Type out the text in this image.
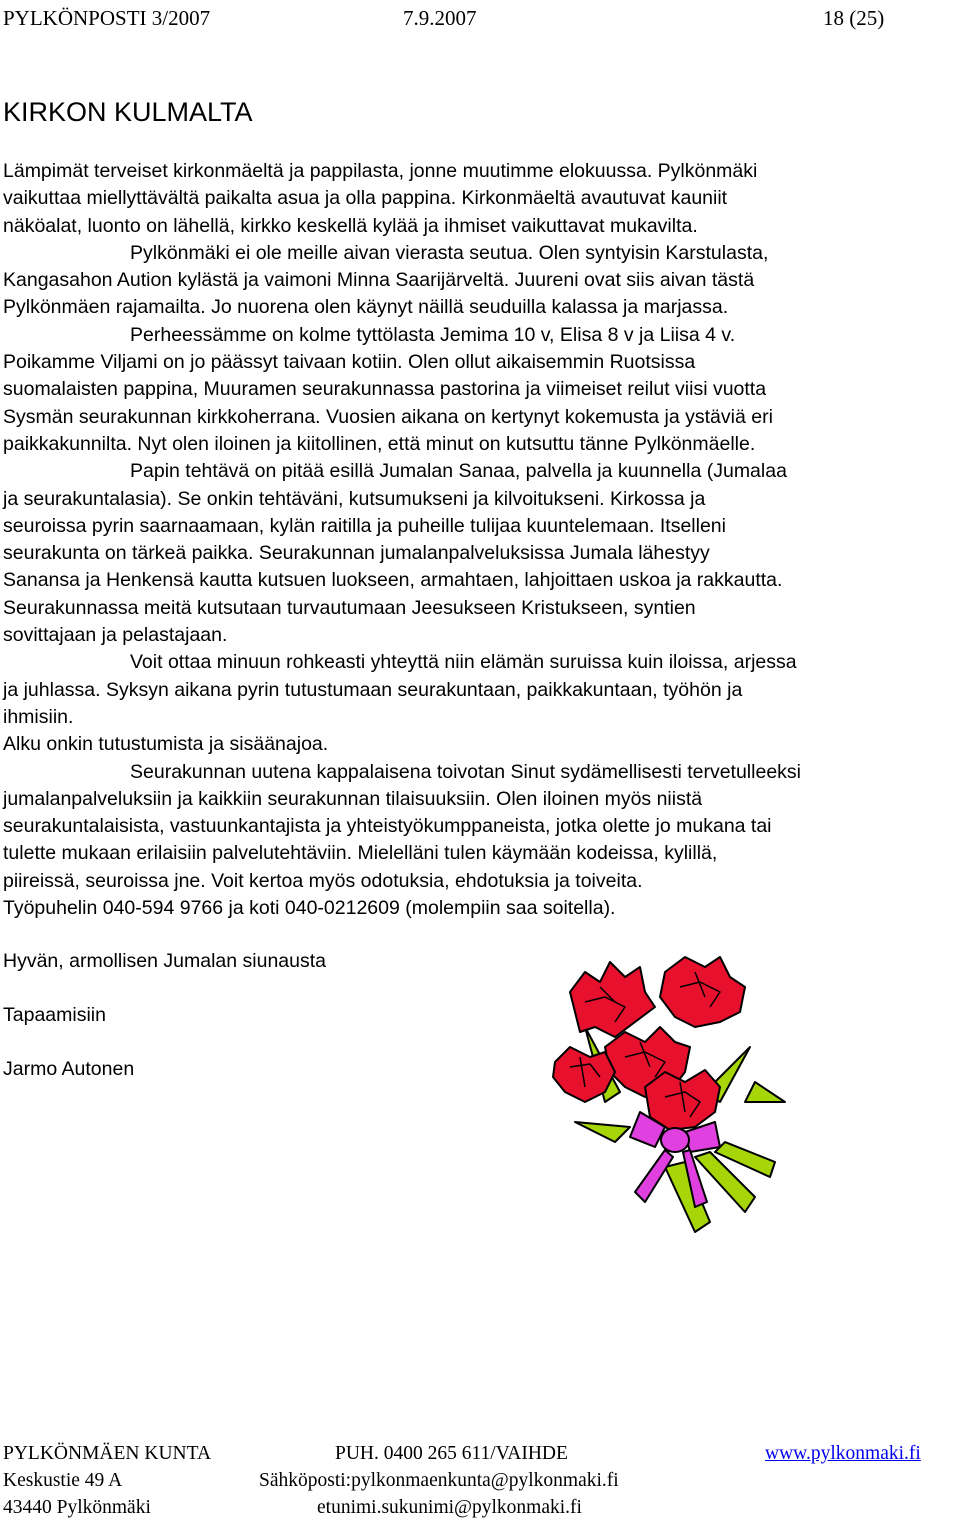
PYLKÖNPOSTI 3/2007	7.9.2007	18 (25)
KIRKON KULMALTA
Lämpimät terveiset kirkonmäeltä ja pappilasta, jonne muutimme elokuussa. Pylkönmäki
vaikuttaa miellyttävältä paikalta asua ja olla pappina. Kirkonmäeltä avautuvat kauniit
näköalat, luonto on lähellä, kirkko keskellä kylää ja ihmiset vaikuttavat mukavilta.
Pylkönmäki ei ole meille aivan vierasta seutua. Olen syntyisin Karstulasta,
Kangasahon Aution kylästä ja vaimoni Minna Saarijärveltä. Juureni ovat siis aivan tästä
Pylkönmäen rajamailta. Jo nuorena olen käynyt näillä seuduilla kalassa ja marjassa.
Perheessämme on kolme tyttölasta Jemima 10 v, Elisa 8 v ja Liisa 4 v.
Poikamme Viljami on jo päässyt taivaan kotiin. Olen ollut aikaisemmin Ruotsissa
suomalaisten pappina, Muuramen seurakunnassa pastorina ja viimeiset reilut viisi vuotta
Sysmän seurakunnan kirkkoherrana. Vuosien aikana on kertynyt kokemusta ja ystäviä eri
paikkakunnilta. Nyt olen iloinen ja kiitollinen, että minut on kutsuttu tänne Pylkönmäelle.
Papin tehtävä on pitää esillä Jumalan Sanaa, palvella ja kuunnella (Jumalaa
ja seurakuntalasia). Se onkin tehtäväni, kutsumukseni ja kilvoitukseni. Kirkossa ja
seuroissa pyrin saarnaamaan, kylän raitilla ja puheille tulijaa kuuntelemaan. Itselleni
seurakunta on tärkeä paikka. Seurakunnan jumalanpalveluksissa Jumala lähestyy
Sanansa ja Henkensä kautta kutsuen luokseen, armahtaen, lahjoittaen uskoa ja rakkautta.
Seurakunnassa meitä kutsutaan turvautumaan Jeesukseen Kristukseen, syntien
sovittajaan ja pelastajaan.
Voit ottaa minuun rohkeasti yhteyttä niin elämän suruissa kuin iloissa, arjessa
ja juhlassa. Syksyn aikana pyrin tutustumaan seurakuntaan, paikkakuntaan, työhön ja
ihmisiin.
Alku onkin tutustumista ja sisäänajoa.
Seurakunnan uutena kappalaisena toivotan Sinut sydämellisesti tervetulleeksi
jumalanpalveluksiin ja kaikkiin seurakunnan tilaisuuksiin. Olen iloinen myös niistä
seurakuntalaisista, vastuunkantajista ja yhteistyökumppaneista, jotka olette jo mukana tai
tulette mukaan erilaisiin palvelutehtäviin. Mielelläni tulen käymään kodeissa, kylillä,
piireissä, seuroissa jne. Voit kertoa myös odotuksia, ehdotuksia ja toiveita.
Työpuhelin 040-594 9766 ja koti 040-0212609 (molempiin saa soitella).
Hyvän, armollisen Jumalan siunausta
Tapaamisiin
Jarmo Autonen
PYLKÖNMÄEN KUNTA	PUH. 0400 265 611/VAIHDE	www.pylkonmaki.fi
Keskustie 49 A	Sähköposti:pylkonmaenkunta@pylkonmaki.fi
43440 Pylkönmäki	etunimi.sukunimi@pylkonmaki.fi
